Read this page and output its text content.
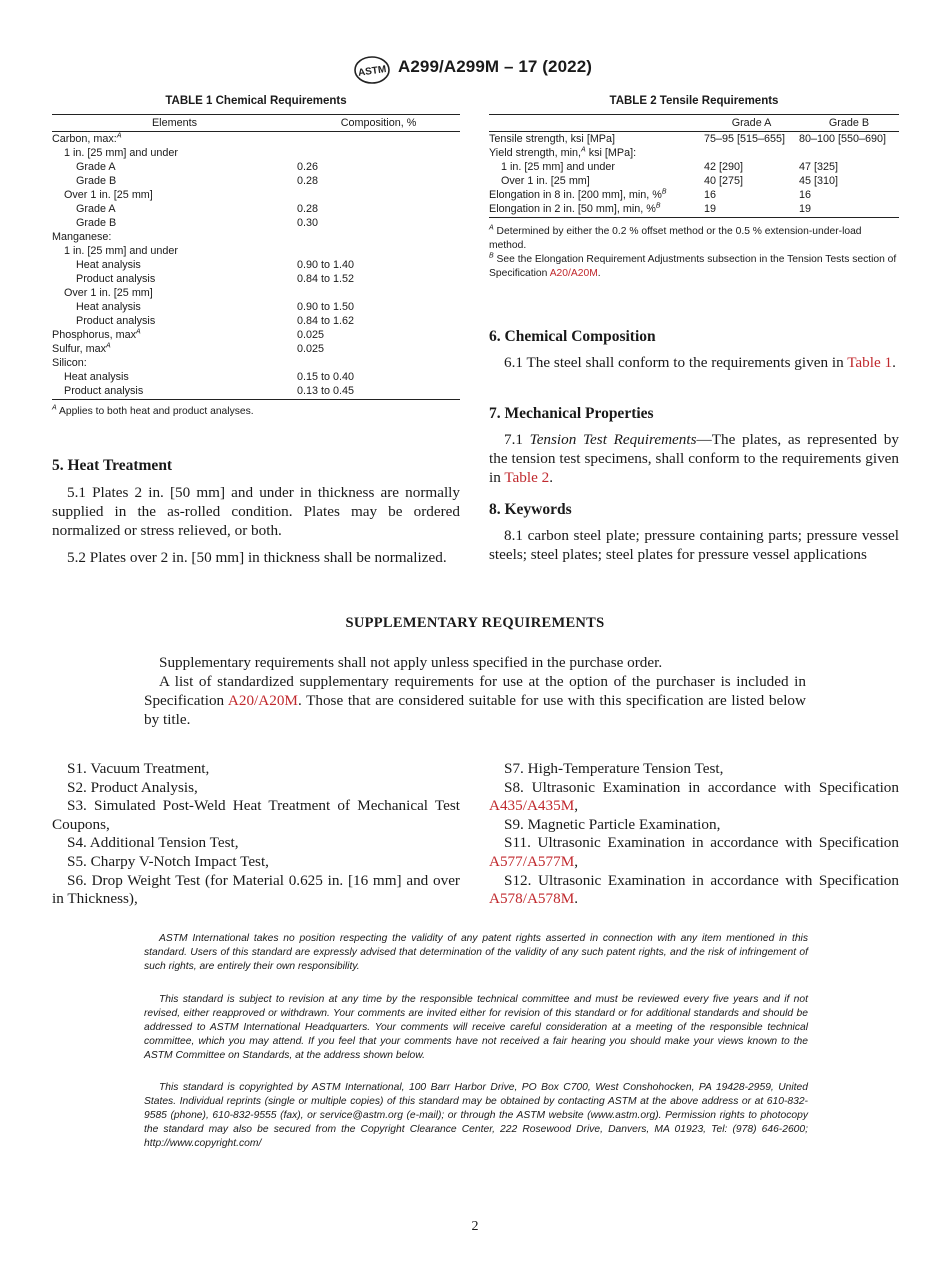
ASTM A299/A299M – 17 (2022)
TABLE 1 Chemical Requirements
Elements	Composition, %
Carbon, max:$^A$	
1 in. [25 mm] and under	
Grade A	0.26
Grade B	0.28
Over 1 in. [25 mm]	
Grade A	0.28
Grade B	0.30
Manganese:	
1 in. [25 mm] and under	
Heat analysis	0.90 to 1.40
Product analysis	0.84 to 1.52
Over 1 in. [25 mm]	
Heat analysis	0.90 to 1.50
Product analysis	0.84 to 1.62
Phosphorus, $\max^A$	0.025
Sulfur, $\max^A$	0.025
Silicon:	
Heat analysis	0.15 to 0.40
Product analysis	0.13 to 0.45
$^A$ Applies to both heat and product analyses.
TABLE 2 Tensile Requirements
	Grade A	Grade B
Tensile strength, ksi [MPa]	75–95 [515–655]	80–100 [550–690]
Yield strength, min,$^A$ ksi [MPa]:		
1 in. [25 mm] and under	42 [290]	47 [325]
Over 1 in. [25 mm]	40 [275]	45 [310]
Elongation in 8 in. [200 mm], min, %$^B$	16	16
Elongation in 2 in. [50 mm], min, %$^B$	19	19
$^A$ Determined by either the 0.2 % offset method or the 0.5 % extension-under-load method.
$^B$ See the Elongation Requirement Adjustments subsection in the Tension Tests section of Specification A20/A20M.
5. Heat Treatment

5.1 Plates 2 in. [50 mm] and under in thickness are normally supplied in the as-rolled condition. Plates may be ordered normalized or stress relieved, or both.

5.2 Plates over 2 in. [50 mm] in thickness shall be normalized.

6. Chemical Composition

6.1 The steel shall conform to the requirements given in Table 1.

7. Mechanical Properties

7.1 Tension Test Requirements—The plates, as represented by the tension test specimens, shall conform to the requirements given in Table 2.

8. Keywords

8.1 carbon steel plate; pressure containing parts; pressure vessel steels; steel plates; steel plates for pressure vessel applications

SUPPLEMENTARY REQUIREMENTS

Supplementary requirements shall not apply unless specified in the purchase order.

A list of standardized supplementary requirements for use at the option of the purchaser is included in Specification A20/A20M. Those that are considered suitable for use with this specification are listed below by title.

S1. Vacuum Treatment,
S2. Product Analysis,
S3. Simulated Post-Weld Heat Treatment of Mechanical Test Coupons,
S4. Additional Tension Test,
S5. Charpy V-Notch Impact Test,
S6. Drop Weight Test (for Material 0.625 in. [16 mm] and over in Thickness),
S7. High-Temperature Tension Test,
S8. Ultrasonic Examination in accordance with Specification A435/A435M,
S9. Magnetic Particle Examination,
S11. Ultrasonic Examination in accordance with Specification A577/A577M,
S12. Ultrasonic Examination in accordance with Specification A578/A578M.

ASTM International takes no position respecting the validity of any patent rights asserted in connection with any item mentioned in this standard. Users of this standard are expressly advised that determination of the validity of any such patent rights, and the risk of infringement of such rights, are entirely their own responsibility.

This standard is subject to revision at any time by the responsible technical committee and must be reviewed every five years and if not revised, either reapproved or withdrawn. Your comments are invited either for revision of this standard or for additional standards and should be addressed to ASTM International Headquarters. Your comments will receive careful consideration at a meeting of the responsible technical committee, which you may attend. If you feel that your comments have not received a fair hearing you should make your views known to the ASTM Committee on Standards, at the address shown below.

This standard is copyrighted by ASTM International, 100 Barr Harbor Drive, PO Box C700, West Conshohocken, PA 19428-2959, United States. Individual reprints (single or multiple copies) of this standard may be obtained by contacting ASTM at the above address or at 610-832-9585 (phone), 610-832-9555 (fax), or service@astm.org (e-mail); or through the ASTM website (www.astm.org). Permission rights to photocopy the standard may also be secured from the Copyright Clearance Center, 222 Rosewood Drive, Danvers, MA 01923, Tel: (978) 646-2600; http://www.copyright.com/

2
